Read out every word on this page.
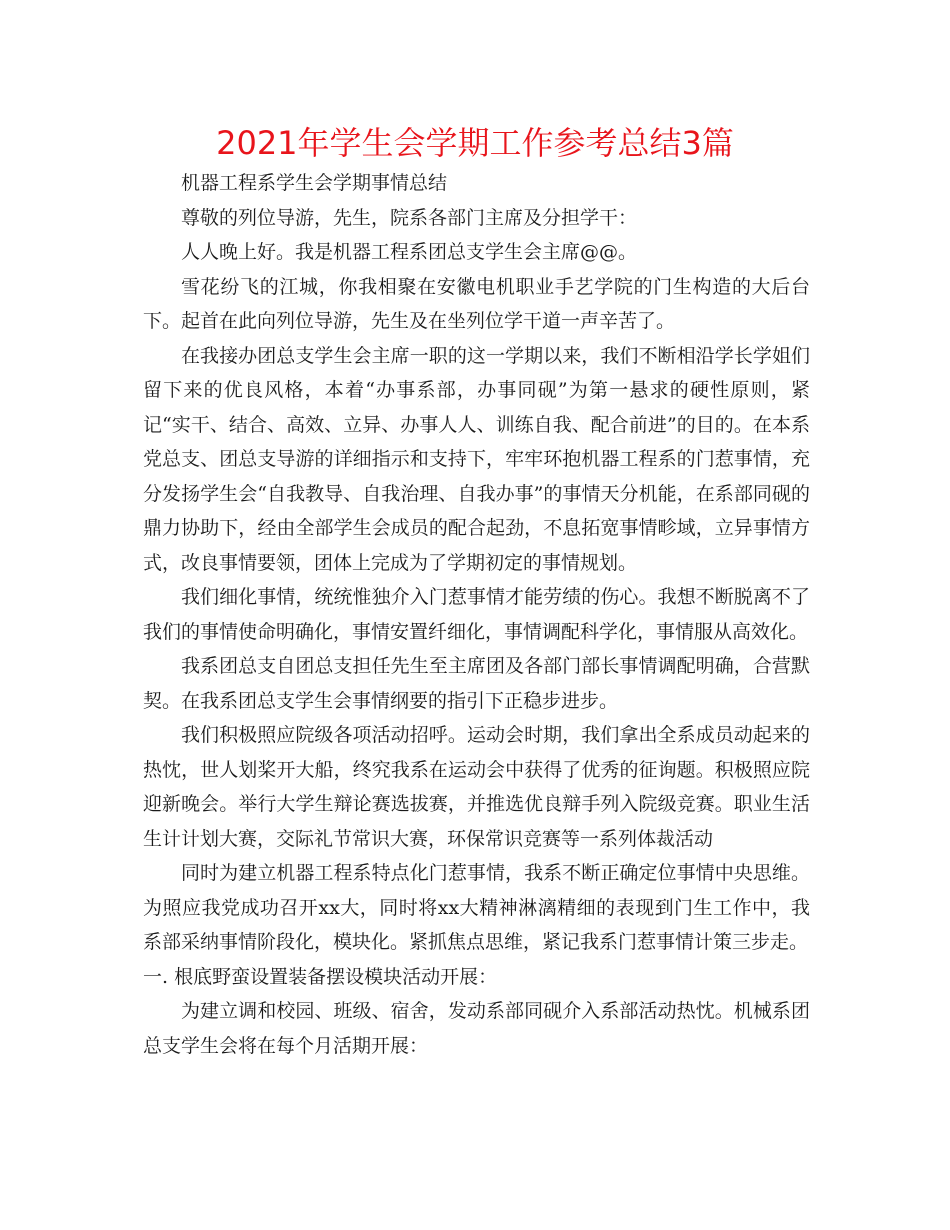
2021年学生会学期工作参考总结3篇

机器工程系学生会学期事情总结

尊敬的列位导游，先生，院系各部门主席及分担学干：

人人晚上好。我是机器工程系团总支学生会主席@@。

雪花纷飞的江城，你我相聚在安徽电机职业手艺学院的门生构造的大后台下。起首在此向列位导游，先生及在坐列位学干道一声辛苦了。

在我接办团总支学生会主席一职的这一学期以来，我们不断相沿学长学姐们留下来的优良风格，本着“办事系部，办事同砚”为第一悬求的硬性原则，紧记“实干、结合、高效、立异、办事人人、训练自我、配合前进”的目的。在本系党总支、团总支导游的详细指示和支持下，牢牢环抱机器工程系的门惹事情，充分发扬学生会“自我教导、自我治理、自我办事”的事情天分机能，在系部同砚的鼎力协助下，经由全部学生会成员的配合起劲，不息拓宽事情畛域，立异事情方式，改良事情要领，团体上完成为了学期初定的事情规划。

我们细化事情，统统惟独介入门惹事情才能劳绩的伤心。我想不断脱离不了我们的事情使命明确化，事情安置纤细化，事情调配科学化，事情服从高效化。

我系团总支自团总支担任先生至主席团及各部门部长事情调配明确，合营默契。在我系团总支学生会事情纲要的指引下正稳步进步。

我们积极照应院级各项活动招呼。运动会时期，我们拿出全系成员动起来的热忱，世人划桨开大船，终究我系在运动会中获得了优秀的征询题。积极照应院迎新晚会。举行大学生辩论赛选拔赛，并推选优良辩手列入院级竞赛。职业生活生计计划大赛，交际礼节常识大赛，环保常识竞赛等一系列体裁活动

同时为建立机器工程系特点化门惹事情，我系不断正确定位事情中央思维。为照应我党成功召开xx大，同时将xx大精神淋漓精细的表现到门生工作中，我系部采纳事情阶段化，模块化。紧抓焦点思维，紧记我系门惹事情计策三步走。

一. 根底野蛮设置装备摆设模块活动开展：

为建立调和校园、班级、宿舍，发动系部同砚介入系部活动热忱。机械系团总支学生会将在每个月活期开展：
